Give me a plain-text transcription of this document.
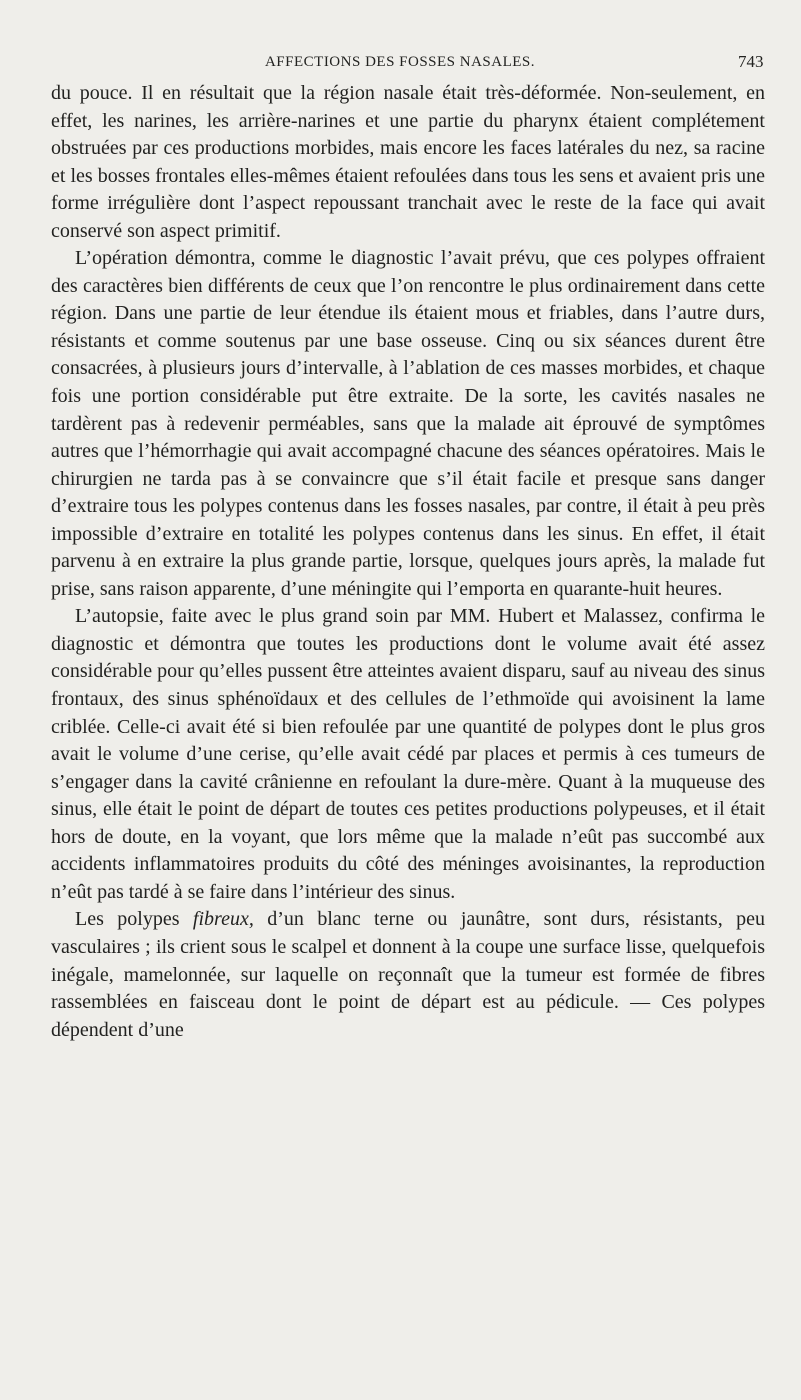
AFFECTIONS DES FOSSES NASALES.	743

du pouce. Il en résultait que la région nasale était très-déformée. Non-seulement, en effet, les narines, les arrière-narines et une partie du pharynx étaient complétement obstruées par ces productions morbides, mais encore les faces latérales du nez, sa racine et les bosses frontales elles-mêmes étaient refoulées dans tous les sens et avaient pris une forme irrégulière dont l’aspect repoussant tranchait avec le reste de la face qui avait conservé son aspect primitif.

L’opération démontra, comme le diagnostic l’avait prévu, que ces polypes offraient des caractères bien différents de ceux que l’on rencontre le plus ordinairement dans cette région. Dans une partie de leur étendue ils étaient mous et friables, dans l’autre durs, résistants et comme soutenus par une base osseuse. Cinq ou six séances durent être consacrées, à plusieurs jours d’intervalle, à l’ablation de ces masses morbides, et chaque fois une portion considérable put être extraite. De la sorte, les cavités nasales ne tardèrent pas à redevenir perméables, sans que la malade ait éprouvé de symptômes autres que l’hémorrhagie qui avait accompagné chacune des séances opératoires. Mais le chirurgien ne tarda pas à se convaincre que s’il était facile et presque sans danger d’extraire tous les polypes contenus dans les fosses nasales, par contre, il était à peu près impossible d’extraire en totalité les polypes contenus dans les sinus. En effet, il était parvenu à en extraire la plus grande partie, lorsque, quelques jours après, la malade fut prise, sans raison apparente, d’une méningite qui l’emporta en quarante-huit heures.

L’autopsie, faite avec le plus grand soin par MM. Hubert et Malassez, confirma le diagnostic et démontra que toutes les productions dont le volume avait été assez considérable pour qu’elles pussent être atteintes avaient disparu, sauf au niveau des sinus frontaux, des sinus sphénoïdaux et des cellules de l’ethmoïde qui avoisinent la lame criblée. Celle-ci avait été si bien refoulée par une quantité de polypes dont le plus gros avait le volume d’une cerise, qu’elle avait cédé par places et permis à ces tumeurs de s’engager dans la cavité crânienne en refoulant la dure-mère. Quant à la muqueuse des sinus, elle était le point de départ de toutes ces petites productions polypeuses, et il était hors de doute, en la voyant, que lors même que la malade n’eût pas succombé aux accidents inflammatoires produits du côté des méninges avoisinantes, la reproduction n’eût pas tardé à se faire dans l’intérieur des sinus.

Les polypes fibreux, d’un blanc terne ou jaunâtre, sont durs, résistants, peu vasculaires ; ils crient sous le scalpel et donnent à la coupe une surface lisse, quelquefois inégale, mamelonnée, sur laquelle on reçonnaît que la tumeur est formée de fibres rassemblées en faisceau dont le point de départ est au pédicule. — Ces polypes dépendent d’une
